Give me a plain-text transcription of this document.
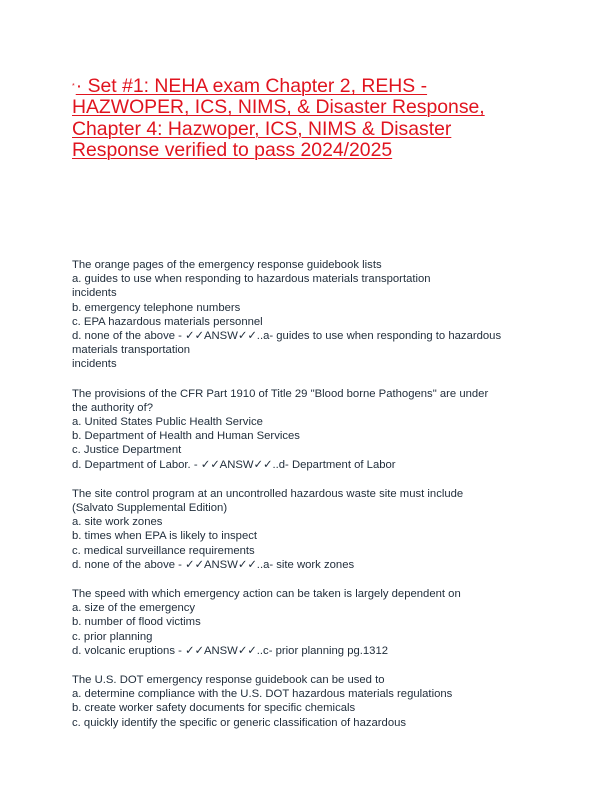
*· Set #1: NEHA exam Chapter 2, REHS - HAZWOPER, ICS, NIMS, & Disaster Response, Chapter 4: Hazwoper, ICS, NIMS & Disaster Response verified to pass 2024/2025
The orange pages of the emergency response guidebook lists
a. guides to use when responding to hazardous materials transportation
incidents
b. emergency telephone numbers
c. EPA hazardous materials personnel
d. none of the above - ✓✓ANSW✓✓..a- guides to use when responding to hazardous
materials transportation
incidents
The provisions of the CFR Part 1910 of Title 29 "Blood borne Pathogens" are under
the authority of?
a. United States Public Health Service
b. Department of Health and Human Services
c. Justice Department
d. Department of Labor. - ✓✓ANSW✓✓..d- Department of Labor
The site control program at an uncontrolled hazardous waste site must include
(Salvato Supplemental Edition)
a. site work zones
b. times when EPA is likely to inspect
c. medical surveillance requirements
d. none of the above - ✓✓ANSW✓✓..a- site work zones
The speed with which emergency action can be taken is largely dependent on
a. size of the emergency
b. number of flood victims
c. prior planning
d. volcanic eruptions - ✓✓ANSW✓✓..c- prior planning pg.1312
The U.S. DOT emergency response guidebook can be used to
a. determine compliance with the U.S. DOT hazardous materials regulations
b. create worker safety documents for specific chemicals
c. quickly identify the specific or generic classification of hazardous
